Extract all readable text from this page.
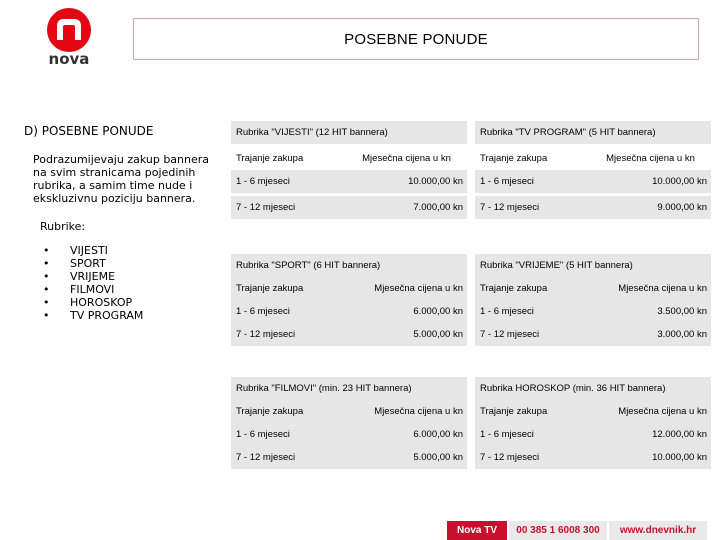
nova
POSEBNE PONUDE
D) POSEBNE PONUDE
Podrazumijevaju zakup bannera na svim stranicama pojedinih rubrika, a samim time nude i ekskluzivnu poziciju bannera.
Rubrike:
• VIJESTI
• SPORT
• VRIJEME
• FILMOVI
• HOROSKOP
• TV PROGRAM
Rubrika "VIJESTI" (12 HIT bannera)
Trajanje zakupa	Mjesečna cijena u kn
1 - 6 mjeseci	10.000,00 kn
7 - 12 mjeseci	7.000,00 kn
Rubrika "TV PROGRAM" (5 HIT bannera)
Trajanje zakupa	Mjesečna cijena u kn
1 - 6 mjeseci	10.000,00 kn
7 - 12 mjeseci	9.000,00 kn
Rubrika "SPORT" (6 HIT bannera)
Trajanje zakupa	Mjesečna cijena u kn
1 - 6 mjeseci	6.000,00 kn
7 - 12 mjeseci	5.000,00 kn
Rubrika "VRIJEME" (5 HIT bannera)
Trajanje zakupa	Mjesečna cijena u kn
1 - 6 mjeseci	3.500,00 kn
7 - 12 mjeseci	3.000,00 kn
Rubrika "FILMOVI" (min. 23 HIT bannera)
Trajanje zakupa	Mjesečna cijena u kn
1 - 6 mjeseci	6.000,00 kn
7 - 12 mjeseci	5.000,00 kn
Rubrika HOROSKOP (min. 36 HIT bannera)
Trajanje zakupa	Mjesečna cijena u kn
1 - 6 mjeseci	12.000,00 kn
7 - 12 mjeseci	10.000,00 kn
Nova TV	00 385 1 6008 300	www.dnevnik.hr
